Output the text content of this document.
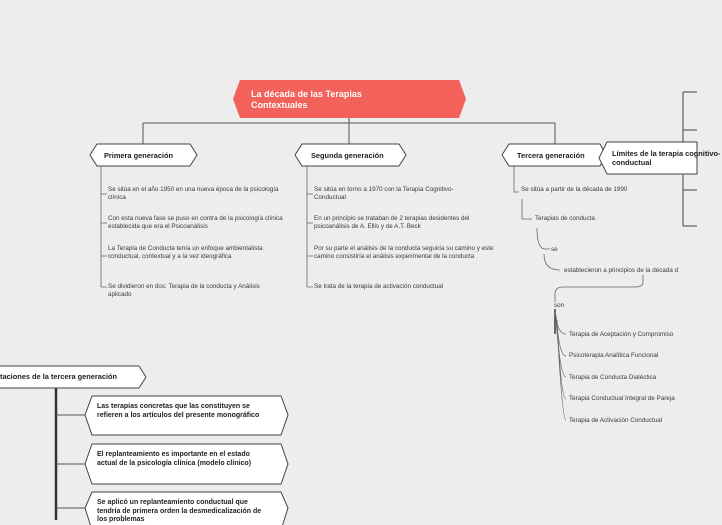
La década de las Terapias Contextuales
Primera generación	Segunda generación	Tercera generación	Límites de la terapia cognitivo-conductual
taciones de la tercera generación
Se sitúa en el año 1950 en una nueva época de la psicología clínica
Con esta nueva fase se puso en contra de la psicología clínica establecida que era el Psicoanálisis
La Terapia de Conducta tenía un enfoque ambientalista conductual, contextual y a la vez ideográfica
Se dividieron en dos: Terapia de la conducta y Análisis aplicado
Se sitúa en torno a 1970 con la Terapia Cognitivo-Conductual
En un principio se trataban de 2 terapias desidentes del psicoanálisis de A. Ellis y de A.T. Beck
Por su parte el análisis de la conducta seguiría su camino y este camino consistiría el análisis experimental de la conducta
Se trata de la terapia de activación conductual
Se sitúa a partir de la década de 1990
Terapias de conducta
se
establecieron a principios de la década d
son
Terapia de Aceptación y Compromiso
Psicoterapia Analítica Funcional
Terapia de Conducta Dialéctica
Terapia Conductual Integral de Pareja
Terapia de Activación Conductual
Las terapias concretas que las constituyen se refieren a los artículos del presente monográfico
El replanteamiento es importante en el estado actual de la psicología clínica (modelo clínico)
Se aplicó un replanteamiento conductual que tendría de primera orden la desmedicalización de los problemas
